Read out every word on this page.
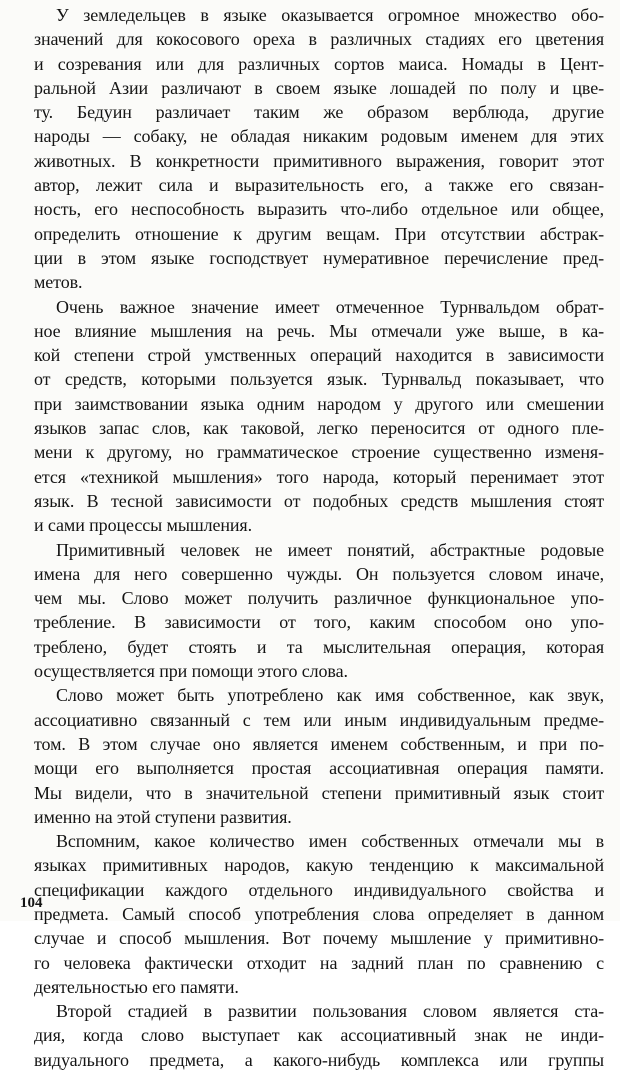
У земледельцев в языке оказывается огромное множество обо-
значений для кокосового ореха в различных стадиях его цветения
и созревания или для различных сортов маиса. Номады в Цент-
ральной Азии различают в своем языке лошадей по полу и цве-
ту. Бедуин различает таким же образом верблюда, другие
народы — собаку, не обладая никаким родовым именем для этих
животных. В конкретности примитивного выражения, говорит этот
автор, лежит сила и выразительность его, а также его связан-
ность, его неспособность выразить что-либо отдельное или общее,
определить отношение к другим вещам. При отсутствии абстрак-
ции в этом языке господствует нумеративное перечисление пред-
метов.

Очень важное значение имеет отмеченное Турнвальдом обрат-
ное влияние мышления на речь. Мы отмечали уже выше, в ка-
кой степени строй умственных операций находится в зависимости
от средств, которыми пользуется язык. Турнвальд показывает, что
при заимствовании языка одним народом у другого или смешении
языков запас слов, как таковой, легко переносится от одного пле-
мени к другому, но грамматическое строение существенно изменя-
ется «техникой мышления» того народа, который перенимает этот
язык. В тесной зависимости от подобных средств мышления стоят
и сами процессы мышления.

Примитивный человек не имеет понятий, абстрактные родовые
имена для него совершенно чужды. Он пользуется словом иначе,
чем мы. Слово может получить различное функциональное упо-
требление. В зависимости от того, каким способом оно упо-
треблено, будет стоять и та мыслительная операция, которая
осуществляется при помощи этого слова.

Слово может быть употреблено как имя собственное, как звук,
ассоциативно связанный с тем или иным индивидуальным предме-
том. В этом случае оно является именем собственным, и при по-
мощи его выполняется простая ассоциативная операция памяти.
Мы видели, что в значительной степени примитивный язык стоит
именно на этой ступени развития.

Вспомним, какое количество имен собственных отмечали мы в
языках примитивных народов, какую тенденцию к максимальной
спецификации каждого отдельного индивидуального свойства и
предмета. Самый способ употребления слова определяет в данном
случае и способ мышления. Вот почему мышление у примитивно-
го человека фактически отходит на задний план по сравнению с
деятельностью его памяти.

Второй стадией в развитии пользования словом является ста-
дия, когда слово выступает как ассоциативный знак не инди-
видуального предмета, а какого-нибудь комплекса или группы

104
